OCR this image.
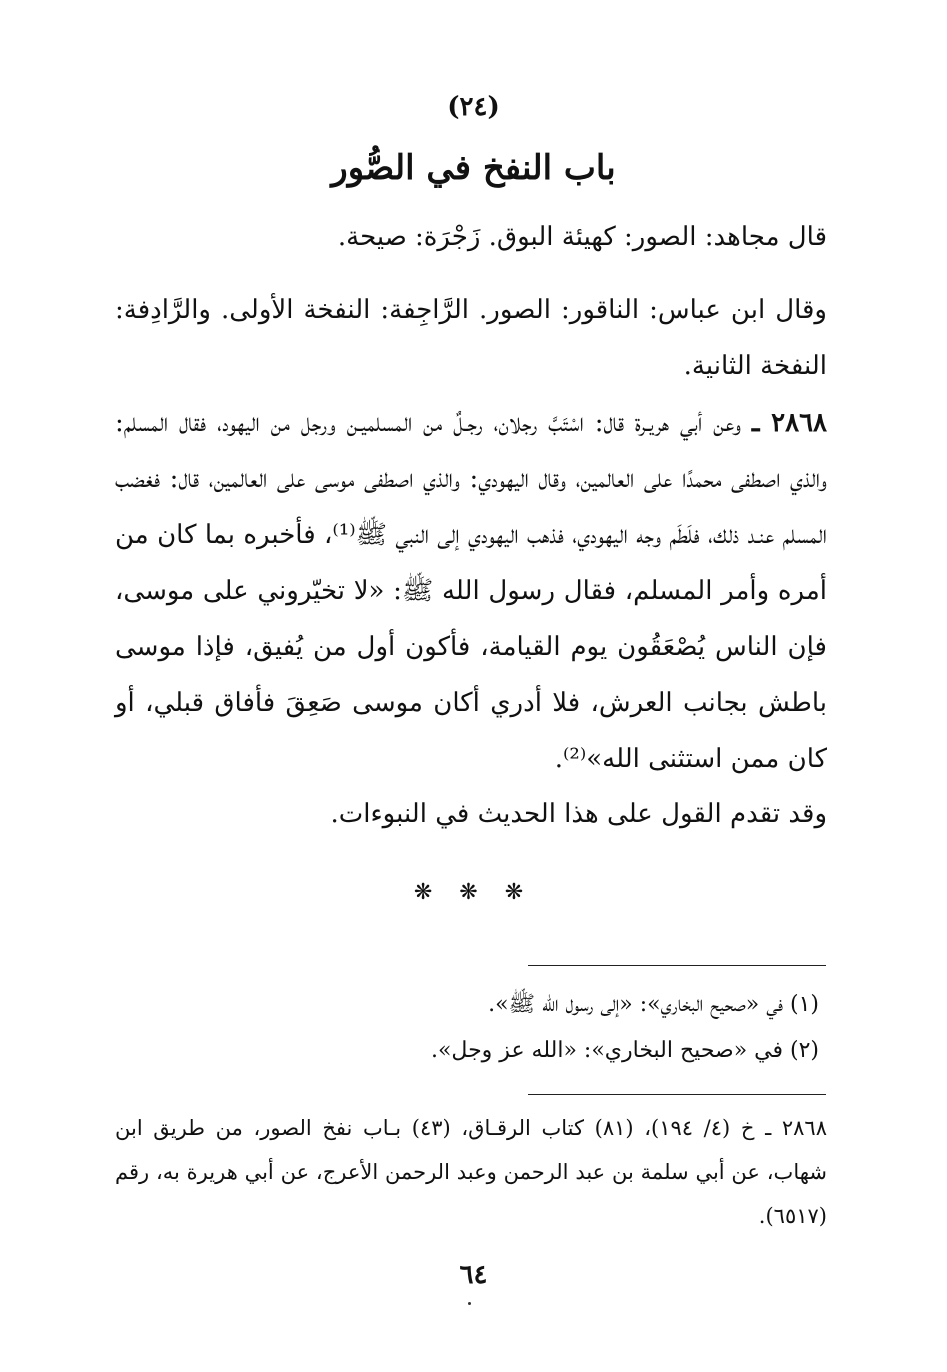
(٢٤)
باب النفخ في الصُّور
قال مجاهد: الصور: كهيئة البوق. زَجْرَة: صيحة.
وقال ابن عباس: الناقور: الصور. الرَّاجِفة: النفخة الأولى. والرَّادِفة: النفخة الثانية.
٢٨٦٨ ـ وعن أبي هريـرة قال: اسْتَبَّ رجلان، رجـلٌ من المسلميـن ورجل من اليهود، فقال المسلم: والذي اصطفى محمدًا على العالمين، وقال اليهودي: والذي اصطفى موسى على العالمين، قال: فغضب المسلم عنـد ذلك، فلَطَم وجه اليهودي، فذهب اليهودي إلى النبي ﷺ⁽¹⁾، فأخبره بما كان من أمره وأمر المسلم، فقال رسول الله ﷺ: «لا تخيّروني على موسى، فإن الناس يُصْعَقُون يوم القيامة، فأكون أول من يُفيق، فإذا موسى باطش بجانب العرش، فلا أدري أكان موسى صَعِقَ فأفاق قبلي، أو كان ممن استثنى الله»⁽²⁾.
وقد تقدم القول على هذا الحديث في النبوءات.
❋ ❋ ❋
(١) في «صحيح البخاري»: «إلى رسول الله ﷺ».
(٢) في «صحيح البخاري»: «الله عز وجل».
٢٨٦٨ ـ خ (٤/ ١٩٤)، (٨١) كتاب الرقـاق، (٤٣) بـاب نفخ الصور، من طريق ابن شهاب، عن أبي سلمة بن عبد الرحمن وعبد الرحمن الأعرج، عن أبي هريرة به، رقم (٦٥١٧).
٦٤
